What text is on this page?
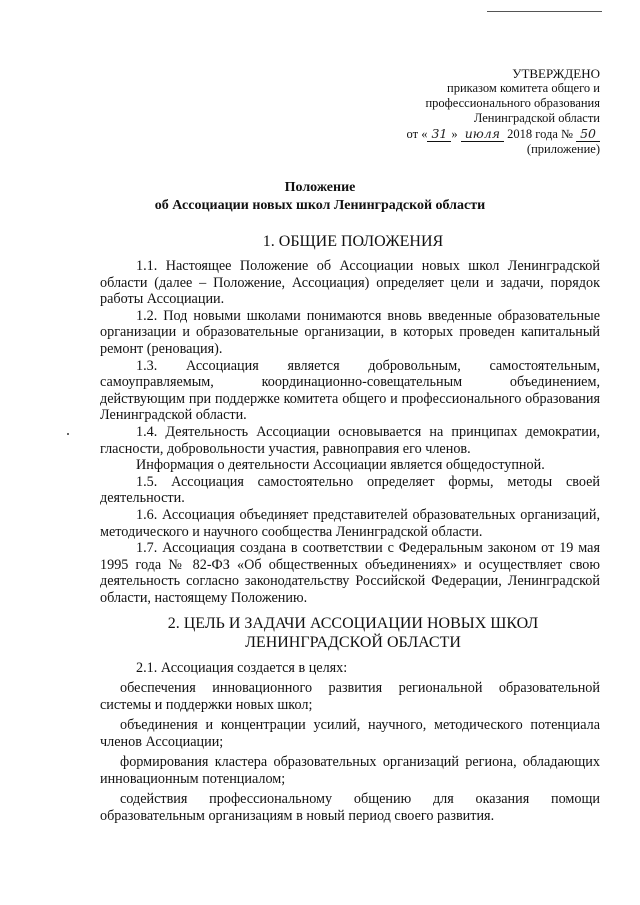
УТВЕРЖДЕНО
приказом комитета общего и
профессионального образования
Ленинградской области
от « 31 » июля 2018 года № 50
(приложение)
Положение
об Ассоциации новых школ Ленинградской области
1. ОБЩИЕ ПОЛОЖЕНИЯ

1.1. Настоящее Положение об Ассоциации новых школ Ленинградской области (далее – Положение, Ассоциация) определяет цели и задачи, порядок работы Ассоциации.

1.2. Под новыми школами понимаются вновь введенные образовательные организации и образовательные организации, в которых проведен капитальный ремонт (реновация).

1.3. Ассоциация является добровольным, самостоятельным, самоуправляемым, координационно-совещательным объединением, действующим при поддержке комитета общего и профессионального образования Ленинградской области.

1.4. Деятельность Ассоциации основывается на принципах демократии, гласности, добровольности участия, равноправия его членов.

Информация о деятельности Ассоциации является общедоступной.

1.5. Ассоциация самостоятельно определяет формы, методы своей деятельности.

1.6. Ассоциация объединяет представителей образовательных организаций, методического и научного сообщества Ленинградской области.

1.7. Ассоциация создана в соответствии с Федеральным законом от 19 мая 1995 года № 82-ФЗ «Об общественных объединениях» и осуществляет свою деятельность согласно законодательству Российской Федерации, Ленинградской области, настоящему Положению.

2. ЦЕЛЬ И ЗАДАЧИ АССОЦИАЦИИ НОВЫХ ШКОЛ ЛЕНИНГРАДСКОЙ ОБЛАСТИ

2.1. Ассоциация создается в целях:

обеспечения инновационного развития региональной образовательной системы и поддержки новых школ;

объединения и концентрации усилий, научного, методического потенциала членов Ассоциации;

формирования кластера образовательных организаций региона, обладающих инновационным потенциалом;

содействия профессиональному общению для оказания помощи образовательным организациям в новый период своего развития.
